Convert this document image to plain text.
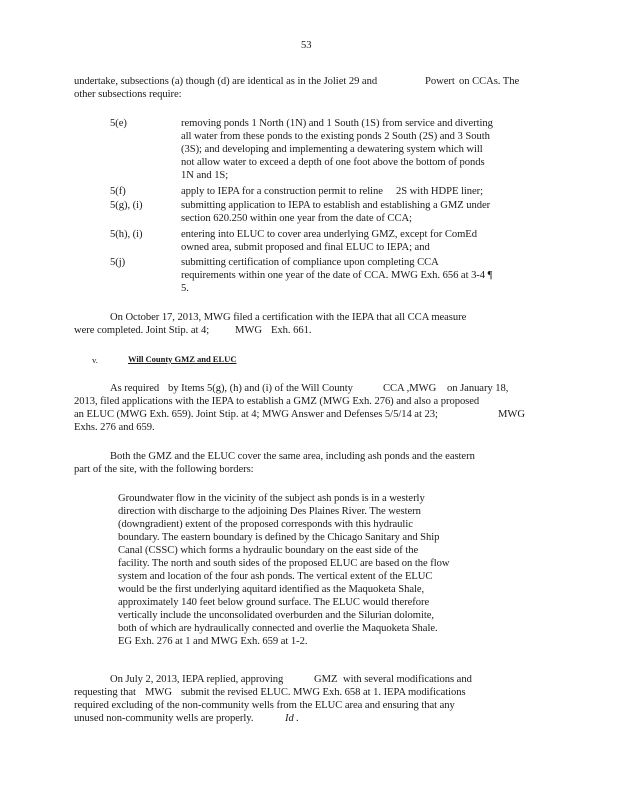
53
undertake, subsections (a) though (d) are identical as in the Joliet 29 and	Powert on CCAs. The
other subsections require:
5(e)	removing ponds 1 North (1N) and 1 South (1S) from service and diverting
all water from these ponds to the existing ponds 2 South (2S) and 3 South
(3S); and developing and implementing a dewatering system which will
not allow water to exceed a depth of one foot above the bottom of ponds
1N and 1S;
5(f)	apply to IEPA for a construction permit to reline 2S with HDPE liner;
5(g), (i)	submitting application to IEPA to establish and establishing a GMZ under
section 620.250 within one year from the date of CCA;
5(h), (i)	entering into ELUC to cover area underlying GMZ, except for ComEd
owned area, submit proposed and final ELUC to IEPA; and
5(j)	submitting certification of compliance upon completing CCA
requirements within one year of the date of CCA. MWG Exh. 656 at 3-4 ¶
5.
On October 17, 2013, MWG filed a certification with the IEPA that all CCA measure
were completed. Joint Stip. at 4; MWG Exh. 661.
v.	Will County GMZ and ELUC
As required by Items 5(g), (h) and (i) of the Will County	CCA ,MWG on January 18,
2013, filed applications with the IEPA to establish a GMZ (MWG Exh. 276) and also a proposed
an ELUC (MWG Exh. 659). Joint Stip. at 4; MWG Answer and Defenses 5/5/14 at 23;	MWG
Exhs. 276 and 659.
Both the GMZ and the ELUC cover the same area, including ash ponds and the eastern
part of the site, with the following borders:
Groundwater flow in the vicinity of the subject ash ponds is in a westerly
direction with discharge to the adjoining Des Plaines River. The western
(downgradient) extent of the proposed corresponds with this hydraulic
boundary. The eastern boundary is defined by the Chicago Sanitary and Ship
Canal (CSSC) which forms a hydraulic boundary on the east side of the
facility. The north and south sides of the proposed ELUC are based on the flow
system and location of the four ash ponds. The vertical extent of the ELUC
would be the first underlying aquitard identified as the Maquoketa Shale,
approximately 140 feet below ground surface. The ELUC would therefore
vertically include the unconsolidated overburden and the Silurian dolomite,
both of which are hydraulically connected and overlie the Maquoketa Shale.
EG Exh. 276 at 1 and MWG Exh. 659 at 1-2.
On July 2, 2013, IEPA replied, approving	GMZ with several modifications and
requesting that MWG submit the revised ELUC. MWG Exh. 658 at 1. IEPA modifications
required excluding of the non-community wells from the ELUC area and ensuring that any
unused non-community wells are properly.	Id .
